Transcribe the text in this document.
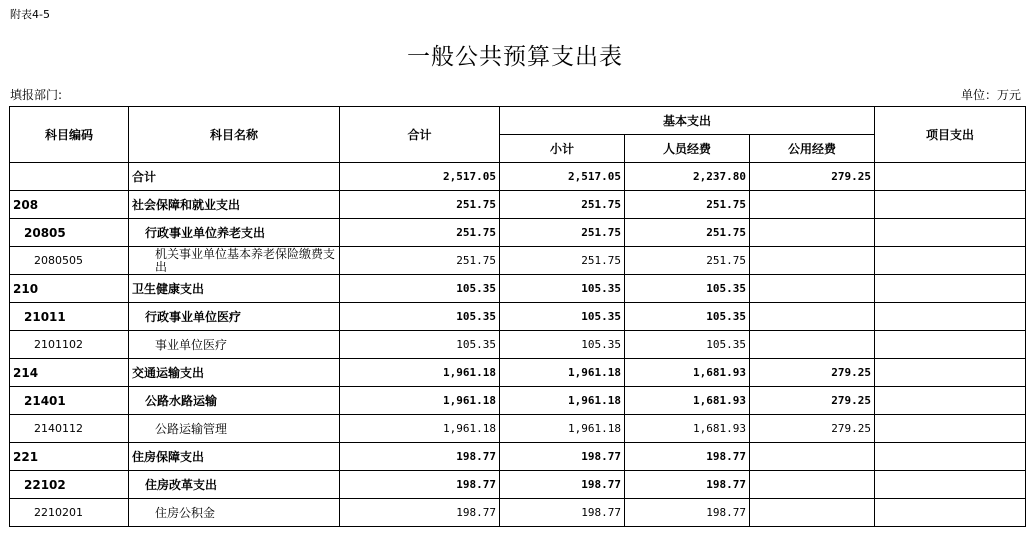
附表4-5
一般公共预算支出表
填报部门:	单位：万元
科目编码	科目名称	合计	基本支出			项目支出
			小计	人员经费	公用经费	
	合计	2,517.05	2,517.05	2,237.80	279.25	
208	社会保障和就业支出	251.75	251.75	251.75		
20805	行政事业单位养老支出	251.75	251.75	251.75		
2080505	机关事业单位基本养老保险缴费支出	251.75	251.75	251.75		
210	卫生健康支出	105.35	105.35	105.35		
21011	行政事业单位医疗	105.35	105.35	105.35		
2101102	事业单位医疗	105.35	105.35	105.35		
214	交通运输支出	1,961.18	1,961.18	1,681.93	279.25	
21401	公路水路运输	1,961.18	1,961.18	1,681.93	279.25	
2140112	公路运输管理	1,961.18	1,961.18	1,681.93	279.25	
221	住房保障支出	198.77	198.77	198.77		
22102	住房改革支出	198.77	198.77	198.77		
2210201	住房公积金	198.77	198.77	198.77		
